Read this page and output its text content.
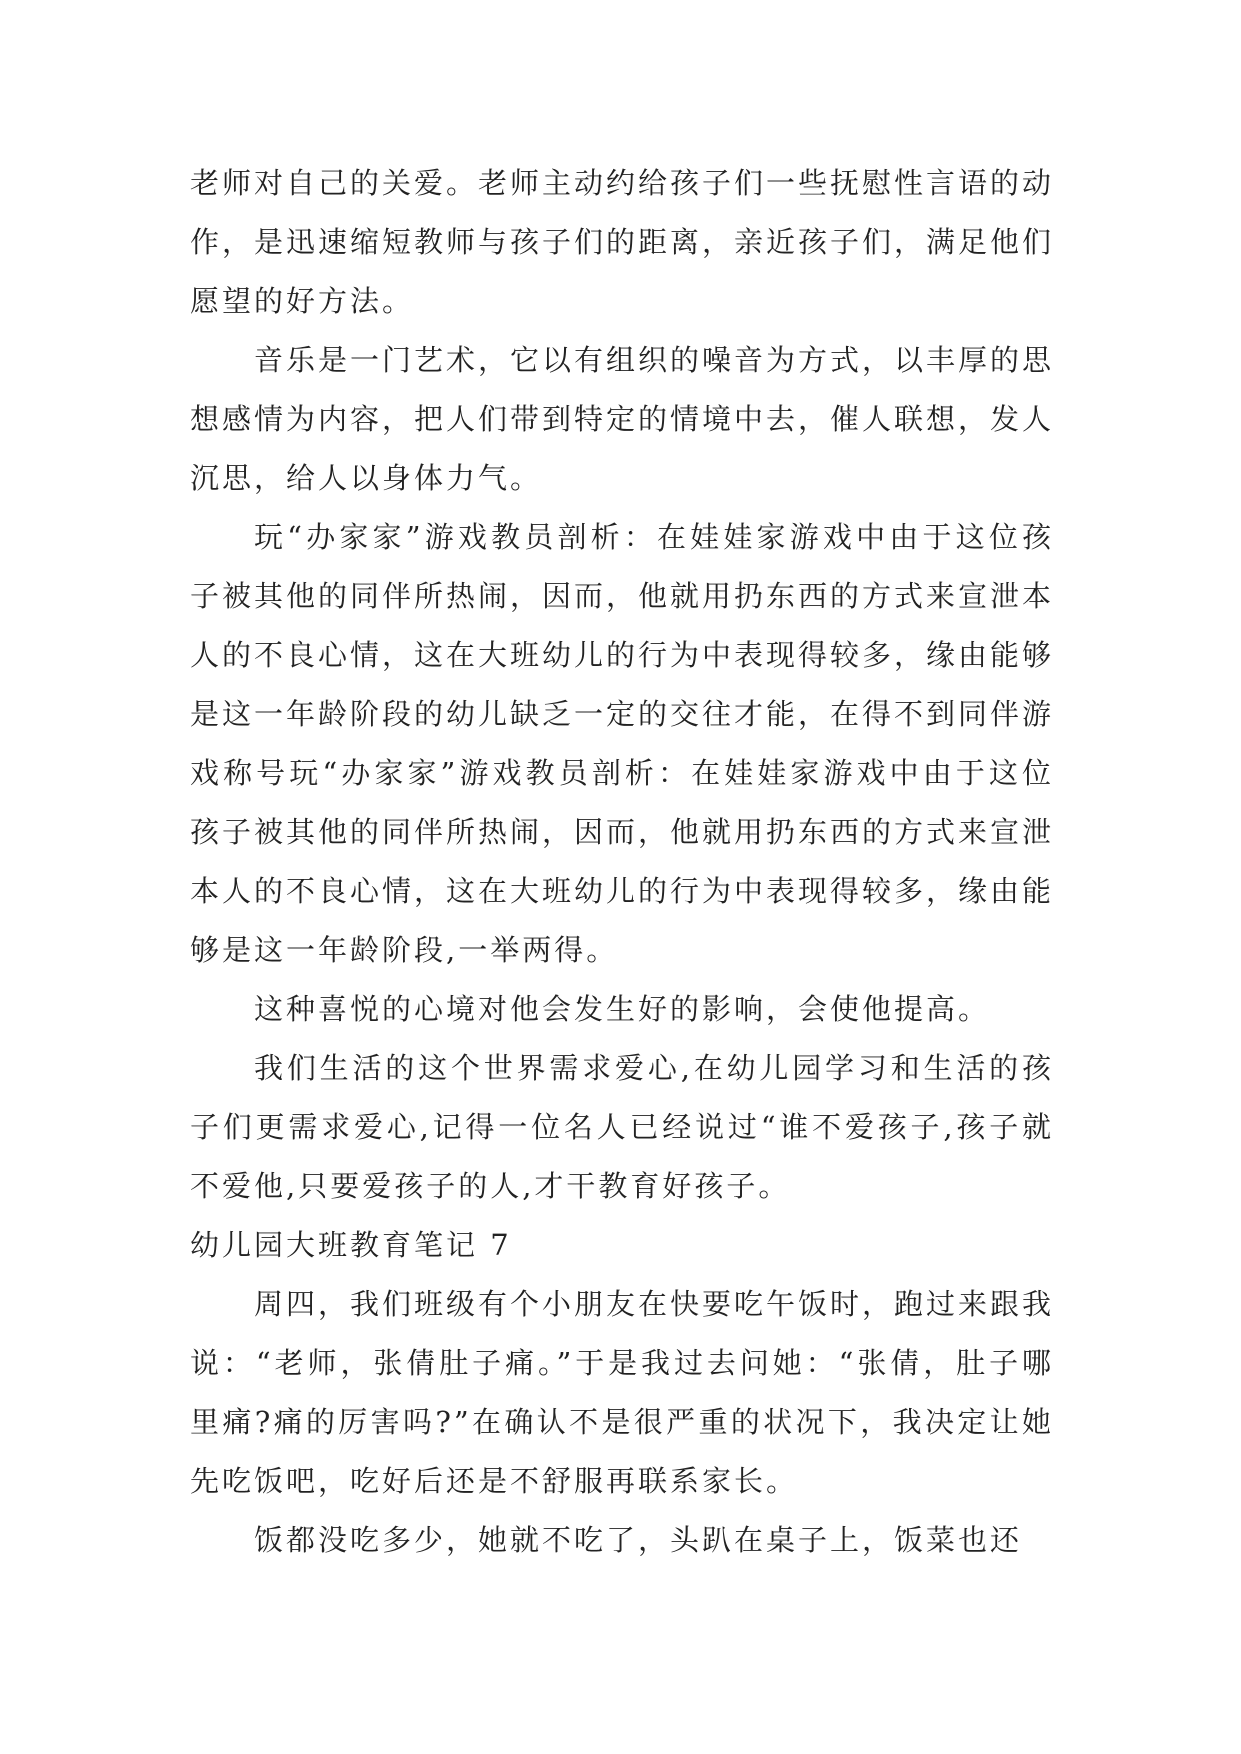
老师对自己的关爱。老师主动约给孩子们一些抚慰性言语的动作，是迅速缩短教师与孩子们的距离，亲近孩子们，满足他们愿望的好方法。

音乐是一门艺术，它以有组织的噪音为方式，以丰厚的思想感情为内容，把人们带到特定的情境中去，催人联想，发人沉思，给人以身体力气。

玩“办家家”游戏教员剖析：在娃娃家游戏中由于这位孩子被其他的同伴所热闹，因而，他就用扔东西的方式来宣泄本人的不良心情，这在大班幼儿的行为中表现得较多，缘由能够是这一年龄阶段的幼儿缺乏一定的交往才能，在得不到同伴游戏称号玩“办家家”游戏教员剖析：在娃娃家游戏中由于这位孩子被其他的同伴所热闹，因而，他就用扔东西的方式来宣泄本人的不良心情，这在大班幼儿的行为中表现得较多，缘由能够是这一年龄阶段,一举两得。

这种喜悦的心境对他会发生好的影响，会使他提高。

我们生活的这个世界需求爱心,在幼儿园学习和生活的孩子们更需求爱心,记得一位名人已经说过“谁不爱孩子,孩子就不爱他,只要爱孩子的人,才干教育好孩子。

幼儿园大班教育笔记 7

周四，我们班级有个小朋友在快要吃午饭时，跑过来跟我说：“老师，张倩肚子痛。”于是我过去问她：“张倩，肚子哪里痛?痛的厉害吗?”在确认不是很严重的状况下，我决定让她先吃饭吧，吃好后还是不舒服再联系家长。

饭都没吃多少，她就不吃了，头趴在桌子上，饭菜也还
